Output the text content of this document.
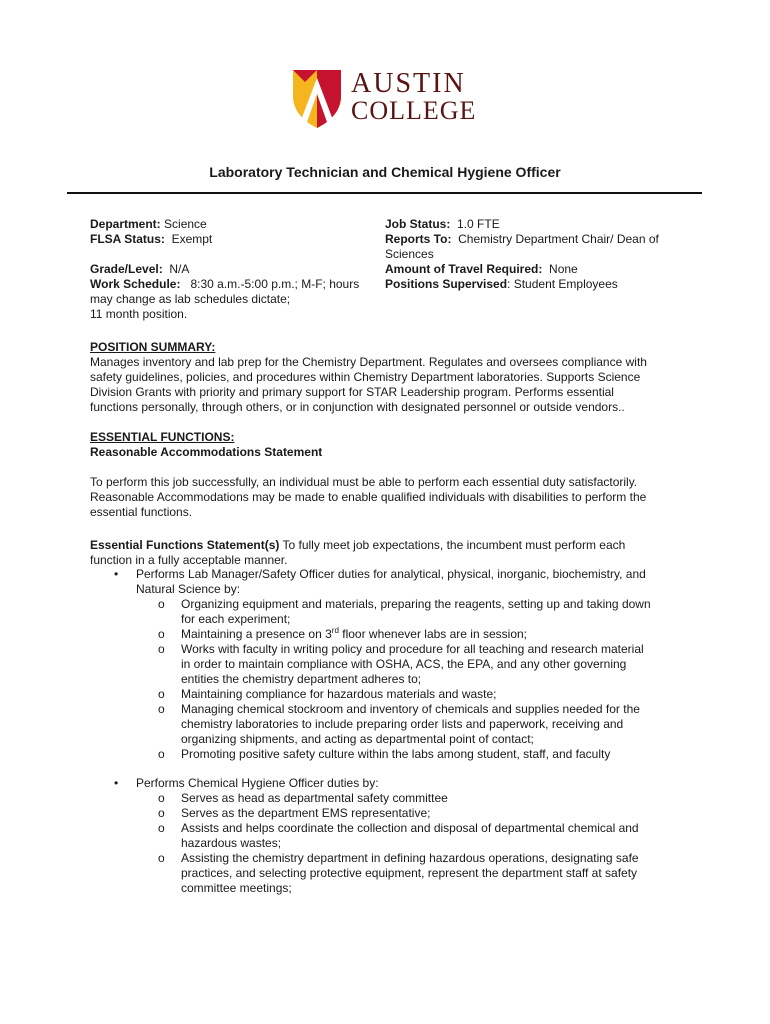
AUSTIN
COLLEGE
Laboratory Technician and Chemical Hygiene Officer
Department: Science
FLSA Status: Exempt
Grade/Level: N/A
Work Schedule: 8:30 a.m.-5:00 p.m.; M-F; hours
may change as lab schedules dictate;
11 month position.
Job Status: 1.0 FTE
Reports To: Chemistry Department Chair/ Dean of
Sciences
Amount of Travel Required: None
Positions Supervised: Student Employees
POSITION SUMMARY:
Manages inventory and lab prep for the Chemistry Department. Regulates and oversees compliance with
safety guidelines, policies, and procedures within Chemistry Department laboratories. Supports Science
Division Grants with priority and primary support for STAR Leadership program. Performs essential
functions personally, through others, or in conjunction with designated personnel or outside vendors..
ESSENTIAL FUNCTIONS:
Reasonable Accommodations Statement
To perform this job successfully, an individual must be able to perform each essential duty satisfactorily.
Reasonable Accommodations may be made to enable qualified individuals with disabilities to perform the
essential functions.
Essential Functions Statement(s) To fully meet job expectations, the incumbent must perform each
function in a fully acceptable manner.
• Performs Lab Manager/Safety Officer duties for analytical, physical, inorganic, biochemistry, and
Natural Science by:
o Organizing equipment and materials, preparing the reagents, setting up and taking down
for each experiment;
o Maintaining a presence on 3rd floor whenever labs are in session;
o Works with faculty in writing policy and procedure for all teaching and research material
in order to maintain compliance with OSHA, ACS, the EPA, and any other governing
entities the chemistry department adheres to;
o Maintaining compliance for hazardous materials and waste;
o Managing chemical stockroom and inventory of chemicals and supplies needed for the
chemistry laboratories to include preparing order lists and paperwork, receiving and
organizing shipments, and acting as departmental point of contact;
o Promoting positive safety culture within the labs among student, staff, and faculty
• Performs Chemical Hygiene Officer duties by:
o Serves as head as departmental safety committee
o Serves as the department EMS representative;
o Assists and helps coordinate the collection and disposal of departmental chemical and
hazardous wastes;
o Assisting the chemistry department in defining hazardous operations, designating safe
practices, and selecting protective equipment, represent the department staff at safety
committee meetings;
